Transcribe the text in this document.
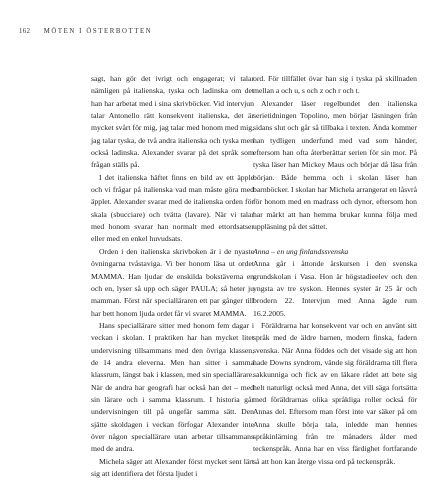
162 MÖTEN I ÖSTERBOTTEN

sagt, han gör det ivrigt och engagerat; vi talar nämligen på italienska, tyska och ladinska om det han har arbetat med i sina skrivböcker. Vid intervjun talar Antonello rätt konsekvent italienska, det är mycket svårt för mig, jag talar med honom med mig, jag talar tyska, de två andra italienska och tyska men också ladinska. Alexander svarar på det språk som frågan ställs på.

I det italienska häftet finns en bild av ett äpple och vi frågar på italienska vad man måste göra med äpplet. Alexander svarar med de italienska orden för skala (sbucciare) och tvätta (lavare). När vi talar med honom svarar han normalt med ettordsatser eller med en enkel huvudsats.

Orden i den italienska skrivboken är i de nyaste övningarna tvåstaviga. Vi ber honom läsa ut ordet MAMMA. Han ljudar de enskilda bokstäverna en och en, lyser så upp och säger PAULA; så heter ju mamman. Först när specialläraren ett par gånger till har bett honom ljuda ordet får vi svaret MAMMA.

Hans speciallärare sitter med honom fem dagar i veckan i skolan. I praktiken har han mycket litet undervisning tillsammans med den övriga klassen, de 14 andra eleverna. Men han sitter i samma klassrum, längst bak i klassen, med sin speciallärare. När de andra har geografi har också han det – med sin lärare och i samma klassrum. I historia går undervisningen till på ungefär samma sätt. Den sjätte skoldagen i veckan förfogar Alexander inte över någon speciallärare utan arbetar tillsammans med de andra.

Michela säger att Alexander först mycket sent lärt sig att identifiera det första ljudet i

ord. För tillfället övar han sig i tyska på skillnaden mellan a och u, s och z och r och t.

Alexander läser regelbundet den italienska serietidningen Topolino, men börjar läsningen från sidans slut och går så tillbaka i texten. Ända kommer han tydligen underfund med vad som händer, eftersom han ofta återberättar serien för sin mor. På tyska läser han Mickey Maus och börjar då läsa från början. Både hemma och i skolan läser han barnböcker. I skolan har Michela arrangerat en låsvrå för honom med en madrass och dynor, eftersom hon har märkt att han hemma brukar kunna följa med uppläsning på det sättet.

Anna – en ung finlandssvenska

Anna går i åttonde årskursen i den svenska grundskolan i Vasa. Hon är högstadieelev och den yngsta av tre syskon. Hennes syster är 25 år och brodern 22. Intervjun med Anna ägde rum 16.2.2005.

Föräldrarna har konsekvent var och en använt sitt språk med de äldre barnen, modern finska, fadern svenska. När Anna föddes och det visade sig att hon hade Downs syndrom, vände sig föräldrarna till flera sakkunniga och fick av en läkare rådet att bete sig helt naturligt också med Anna, det vill säga fortsätta med föräldrarnas olika språkliga roller också för Annas del. Eftersom man först inte var säker på om Anna skulle börja tala, inledde man hennes språkinlärning från tre månaders ålder med teckenspråk. Anna har en viss färdighet fortfarande så att hon kan återge vissa ord på teckenspråk.
